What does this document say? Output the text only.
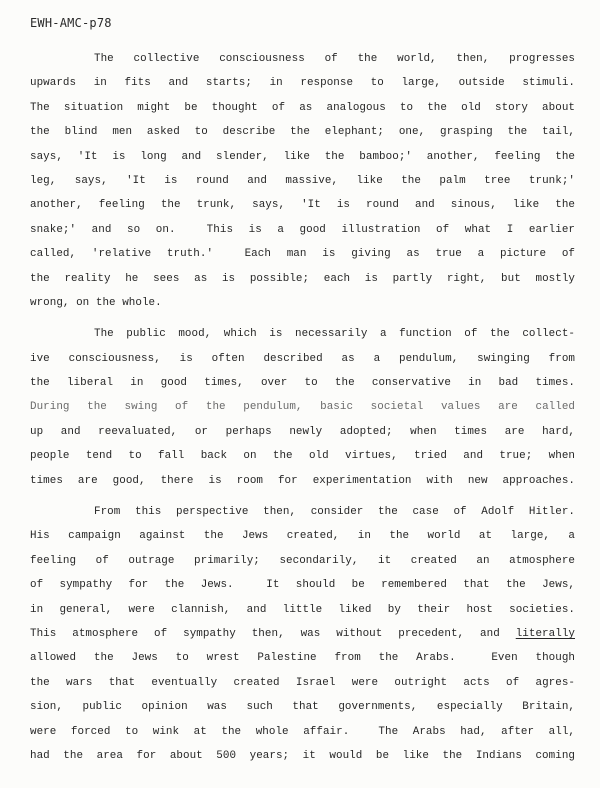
EWH-AMC-p78
The collective consciousness of the world, then, progresses
upwards in fits and starts; in response to large, outside stimuli.
The situation might be thought of as analogous to the old story about
the blind men asked to describe the elephant; one, grasping the tail,
says, 'It is long and slender, like the bamboo;' another, feeling the
leg, says, 'It is round and massive, like the palm tree trunk;'
another, feeling the trunk, says, 'It is round and sinous, like the
snake;' and so on.  This is a good illustration of what I earlier
called, 'relative truth.'  Each man is giving as true a picture of
the reality he sees as is possible; each is partly right, but mostly
wrong, on the whole.
The public mood, which is necessarily a function of the collect-
ive consciousness, is often described as a pendulum, swinging from
the liberal in good times, over to the conservative in bad times.
During the swing of the pendulum, basic societal values are called
up and reevaluated, or perhaps newly adopted; when times are hard,
people tend to fall back on the old virtues, tried and true; when
times are good, there is room for experimentation with new approaches.
From this perspective then, consider the case of Adolf Hitler.
His campaign against the Jews created, in the world at large, a
feeling of outrage primarily; secondarily, it created an atmosphere
of sympathy for the Jews.  It should be remembered that the Jews,
in general, were clannish, and little liked by their host societies.
This atmosphere of sympathy then, was without precedent, and literally
allowed the Jews to wrest Palestine from the Arabs.  Even though
the wars that eventually created Israel were outright acts of agres-
sion, public opinion was such that governments, especially Britain,
were forced to wink at the whole affair.  The Arabs had, after all,
had the area for about 500 years; it would be like the Indians coming
